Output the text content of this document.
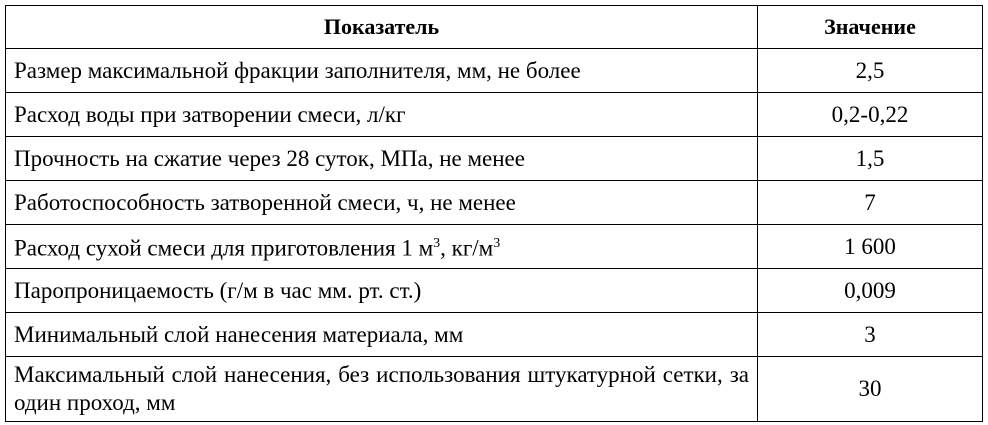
Показатель	Значение
Размер максимальной фракции заполнителя, мм, не более	2,5
Расход воды при затворении смеси, л/кг	0,2-0,22
Прочность на сжатие через 28 суток, МПа, не менее	1,5
Работоспособность затворенной смеси, ч, не менее	7
Расход сухой смеси для приготовления 1 $м^3$, $кг/м^3$	1 600
Паропроницаемость (г/м в час мм. рт. ст.)	0,009
Минимальный слой нанесения материала, мм	3
Максимальный слой нанесения, без использования штукатурной сетки, за один проход, мм	30
